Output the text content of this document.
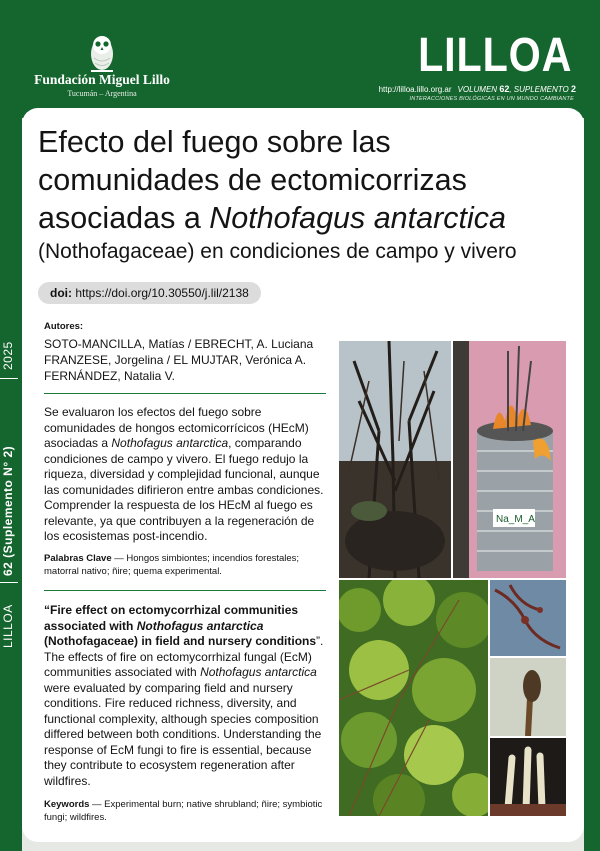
Fundación Miguel Lillo
Tucumán – Argentina
LILLOA
http://lilloa.lillo.org.ar VOLUMEN 62, SUPLEMENTO 2
INTERACCIONES BIOLÓGICAS EN UN MUNDO CAMBIANTE
2025
62 (Suplemento N° 2)
LILLOA
Efecto del fuego sobre las
comunidades de ectomicorrizas
asociadas a Nothofagus antarctica
(Nothofagaceae) en condiciones de campo y vivero
doi: https://doi.org/10.30550/j.lil/2138
Autores:
SOTO-MANCILLA, Matías / EBRECHT, A. Luciana
FRANZESE, Jorgelina / EL MUJTAR, Verónica A.
FERNÁNDEZ, Natalia V.

Se evaluaron los efectos del fuego sobre comunidades de hongos ectomicorrícicos (HEcM) asociadas a Nothofagus antarctica, comparando condiciones de campo y vivero. El fuego redujo la riqueza, diversidad y complejidad funcional, aunque las comunidades difirieron entre ambas condiciones. Comprender la respuesta de los HEcM al fuego es relevante, ya que contribuyen a la regeneración de los ecosistemas post-incendio.

Palabras Clave — Hongos simbiontes; incendios forestales; matorral nativo; ñire; quema experimental.

“Fire effect on ectomycorrhizal communities associated with Nothofagus antarctica (Nothofagaceae) in field and nursery conditions”. The effects of fire on ectomycorrhizal fungal (EcM) communities associated with Nothofagus antarctica were evaluated by comparing field and nursery conditions. Fire reduced richness, diversity, and functional complexity, although species composition differed between both conditions. Understanding the response of EcM fungi to fire is essential, because they contribute to ecosystem regeneration after wildfires.

Keywords — Experimental burn; native shrubland; ñire; symbiotic fungi; wildfires.

Na_M_A
